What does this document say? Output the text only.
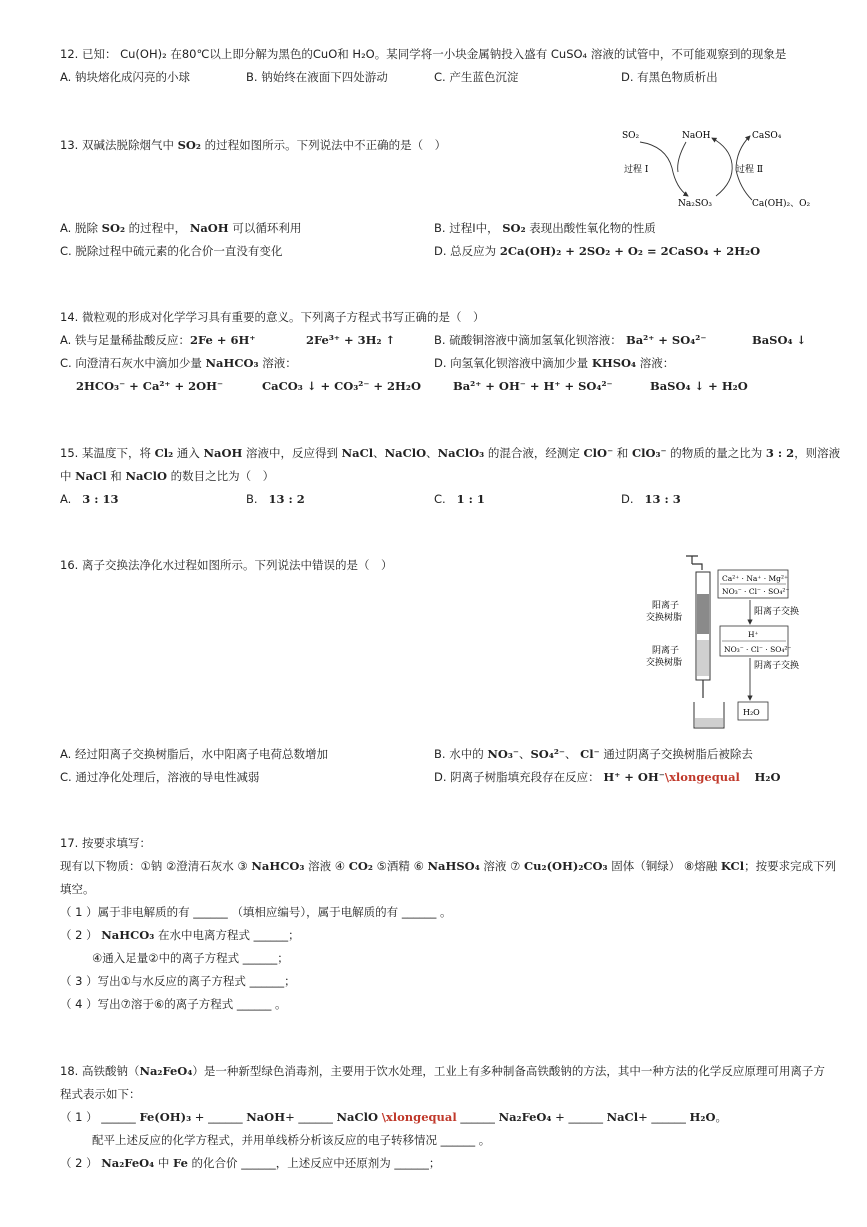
12. 已知： Cu(OH)₂ 在80℃以上即分解为黑色的CuO和 H₂O。某同学将一小块金属钠投入盛有 CuSO₄ 溶液的试管中，不可能观察到的现象是
A. 钠块熔化成闪亮的小球	B. 钠始终在液面下四处游动	C. 产生蓝色沉淀	D. 有黑色物质析出
13. 双碱法脱除烟气中 SO₂ 的过程如图所示。下列说法中不正确的是（　）
SO₂	NaOH	CaSO₄
过程 Ⅰ	过程 Ⅱ
Na₂SO₃	Ca(OH)₂、O₂
A. 脱除 SO₂ 的过程中， NaOH 可以循环利用	B. 过程Ⅰ中， SO₂ 表现出酸性氧化物的性质
C. 脱除过程中硫元素的化合价一直没有变化	D. 总反应为 2Ca(OH)₂ + 2SO₂ + O₂ = 2CaSO₄ + 2H₂O
14. 微粒观的形成对化学学习具有重要的意义。下列离子方程式书写正确的是（　）
A. 铁与足量稀盐酸反应： 2Fe + 6H⁺	2Fe³⁺ + 3H₂ ↑	B. 硫酸铜溶液中滴加氢氧化钡溶液： Ba²⁺ + SO₄²⁻	BaSO₄ ↓
C. 向澄清石灰水中滴加少量 NaHCO₃ 溶液：	D. 向氢氧化钡溶液中滴加少量 KHSO₄ 溶液：
2HCO₃⁻ + Ca²⁺ + 2OH⁻	CaCO₃ ↓ + CO₃²⁻ + 2H₂O	Ba²⁺ + OH⁻ + H⁺ + SO₄²⁻	BaSO₄ ↓ + H₂O
15. 某温度下，将 Cl₂ 通入 NaOH 溶液中，反应得到 NaCl、NaClO、NaClO₃ 的混合液，经测定 ClO⁻ 和 ClO₃⁻ 的物质的量之比为 3 : 2，则溶液
中 NaCl 和 NaClO 的数目之比为（　）
A. 3 : 13	B. 13 : 2	C. 1 : 1	D. 13 : 3
16. 离子交换法净化水过程如图所示。下列说法中错误的是（　）
Ca²⁺ · Na⁺ · Mg²⁺
NO₃⁻ · Cl⁻ · SO₄²⁻
H⁺
NO₃⁻ · Cl⁻ · SO₄²⁻
H₂O
阳离子
交换树脂
阴离子
交换树脂
阳离子交换
阴离子交换
A. 经过阳离子交换树脂后，水中阳离子电荷总数增加	B. 水中的 NO₃⁻、SO₄²⁻、 Cl⁻ 通过阴离子交换树脂后被除去
C. 通过净化处理后，溶液的导电性减弱	D. 阴离子树脂填充段存在反应： H⁺ + OH⁻\xlongequal H₂O
17. 按要求填写：
现有以下物质：①钠 ②澄清石灰水 ③ NaHCO₃ 溶液 ④ CO₂ ⑤酒精 ⑥ NaHSO₄ 溶液 ⑦ Cu₂(OH)₂CO₃ 固体（铜绿） ⑧熔融 KCl；按要求完成下列
填空。
（ 1 ）属于非电解质的有 ______ （填相应编号），属于电解质的有 ______ 。
（ 2 ） NaHCO₃ 在水中电离方程式 ______；
④通入足量②中的离子方程式 ______；
（ 3 ）写出①与水反应的离子方程式 ______；
（ 4 ）写出⑦溶于⑥的离子方程式 ______ 。
18. 高铁酸钠（Na₂FeO₄）是一种新型绿色消毒剂，主要用于饮水处理，工业上有多种制备高铁酸钠的方法，其中一种方法的化学反应原理可用离子方
程式表示如下：
（ 1 ） ______ Fe(OH)₃ + ______ NaOH+ ______ NaClO \xlongequal ______ Na₂FeO₄ + ______ NaCl+ ______ H₂O。
配平上述反应的化学方程式，并用单线桥分析该反应的电子转移情况 ______ 。
（ 2 ） Na₂FeO₄ 中 Fe 的化合价 ______，上述反应中还原剂为 ______；
